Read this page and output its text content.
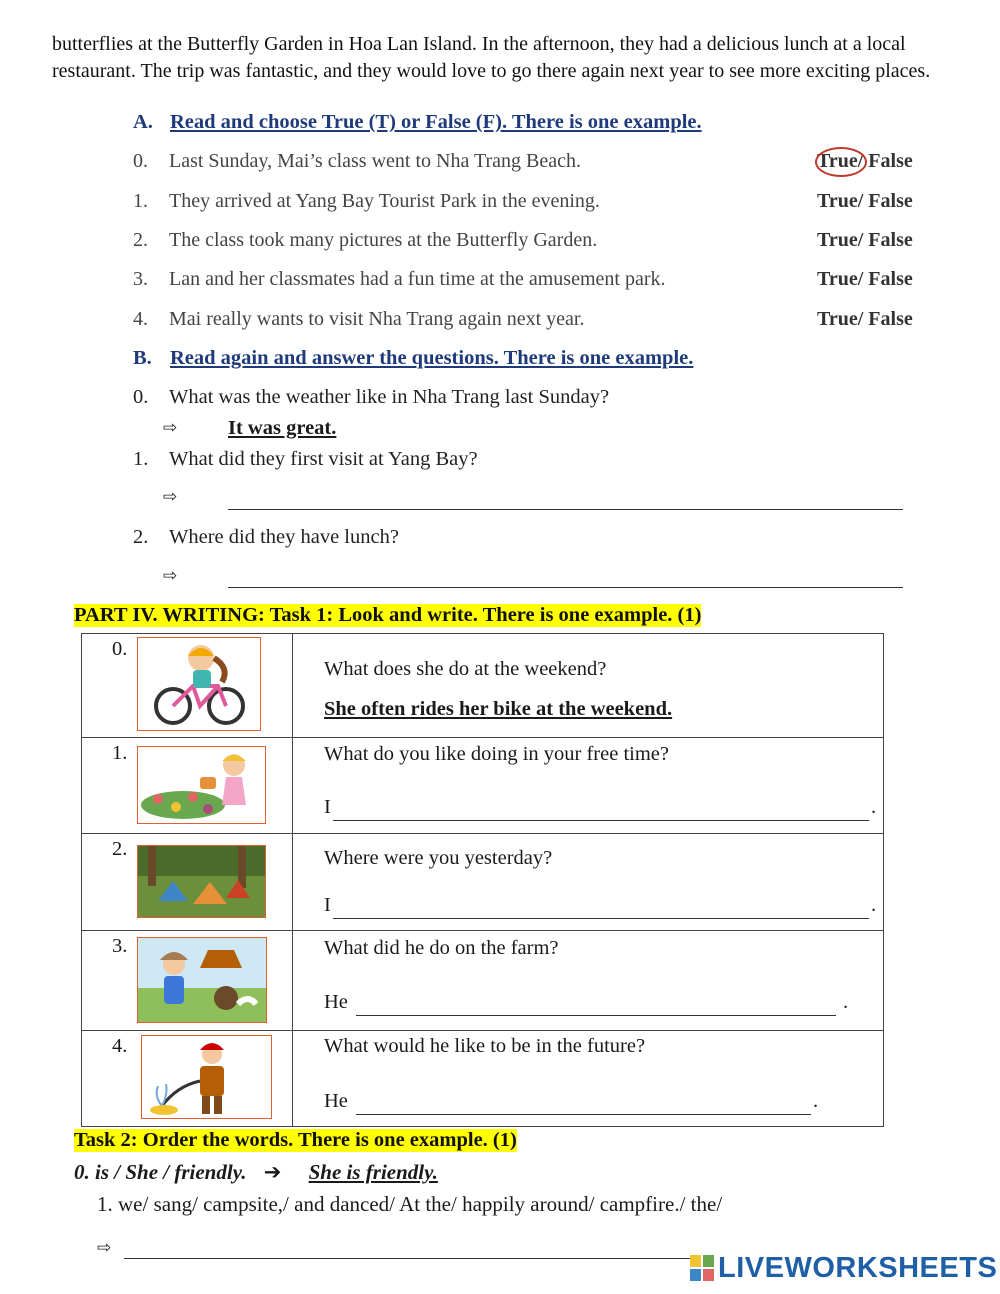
butterflies at the Butterfly Garden in Hoa Lan Island. In the afternoon, they had a delicious lunch at a local restaurant. The trip was fantastic, and they would love to go there again next year to see more exciting places.
A. Read and choose True (T) or False (F). There is one example.
0. Last Sunday, Mai’s class went to Nha Trang Beach.	True/ False
1. They arrived at Yang Bay Tourist Park in the evening.	True/ False
2. The class took many pictures at the Butterfly Garden.	True/ False
3. Lan and her classmates had a fun time at the amusement park.	True/ False
4. Mai really wants to visit Nha Trang again next year.	True/ False
B. Read again and answer the questions. There is one example.
0. What was the weather like in Nha Trang last Sunday?
⇨ It was great.
1. What did they first visit at Yang Bay?
⇨
2. Where did they have lunch?
⇨
PART IV. WRITING: Task 1: Look and write. There is one example. (1)
0.	What does she do at the weekend?
She often rides her bike at the weekend.

1.	What do you like doing in your free time?
I .

2.	Where were you yesterday?
I .

3.	What did he do on the farm?
He .

4.	What would he like to be in the future?
He .
Task 2: Order the words. There is one example. (1)
0. is / She / friendly. ➔ She is friendly.
1. we/ sang/ campsite,/ and danced/ At the/ happily around/ campfire./ the/
⇨
LIVEWORKSHEETS
